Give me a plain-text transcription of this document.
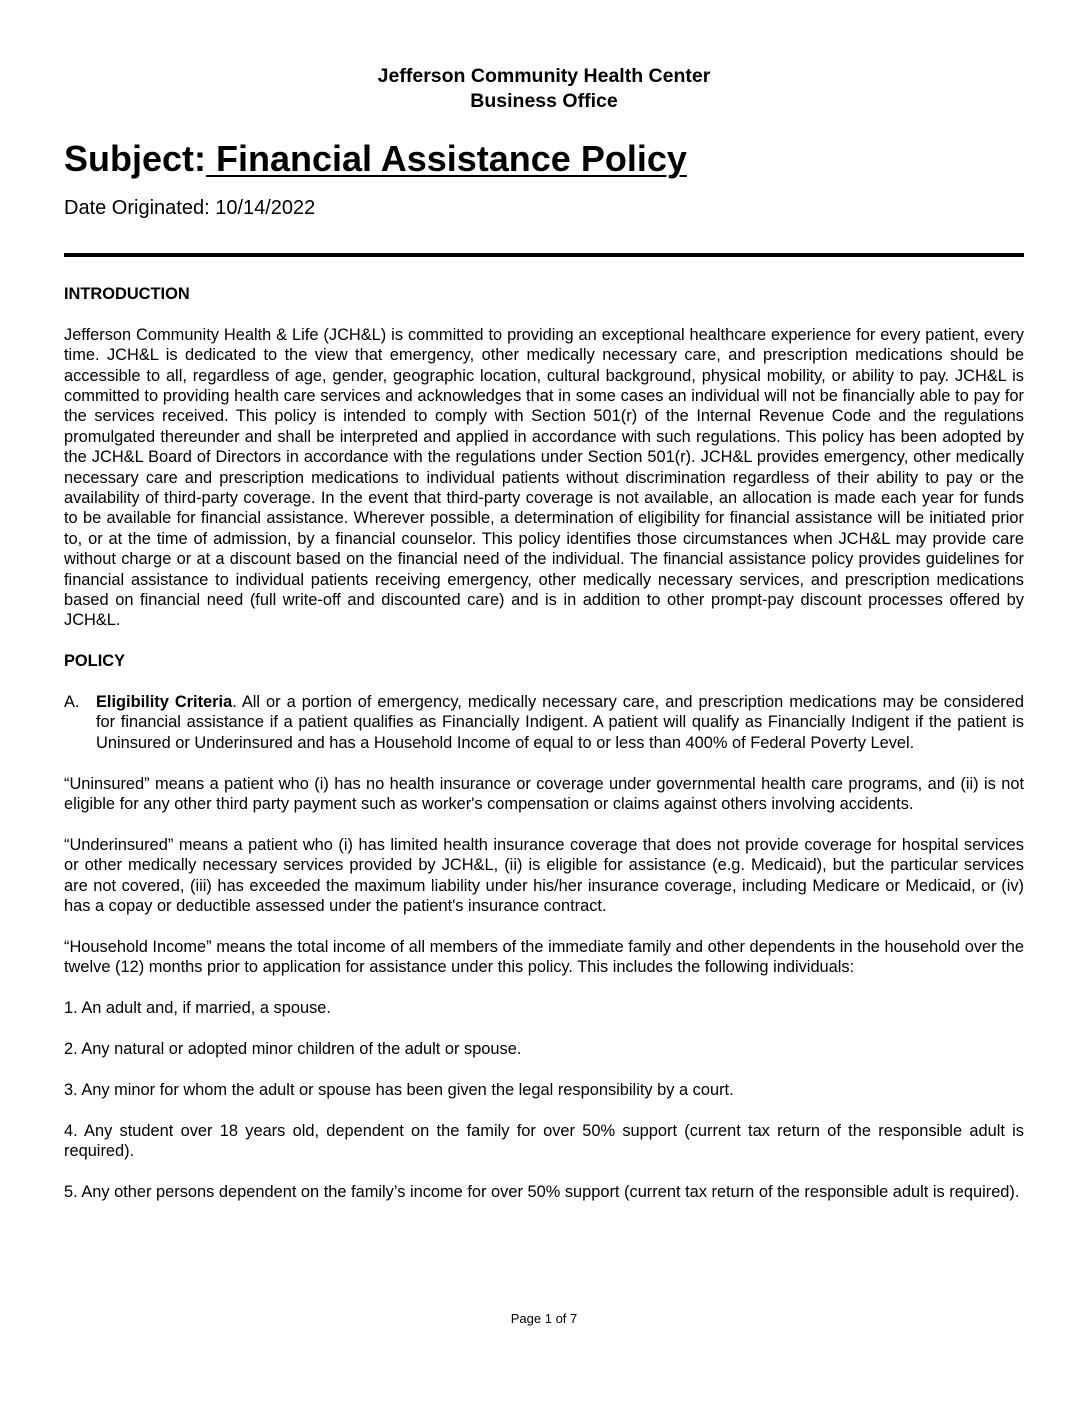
Jefferson Community Health Center
Business Office
Subject: Financial Assistance Policy
Date Originated: 10/14/2022
INTRODUCTION
Jefferson Community Health & Life (JCH&L) is committed to providing an exceptional healthcare experience for every patient, every time. JCH&L is dedicated to the view that emergency, other medically necessary care, and prescription medications should be accessible to all, regardless of age, gender, geographic location, cultural background, physical mobility, or ability to pay. JCH&L is committed to providing health care services and acknowledges that in some cases an individual will not be financially able to pay for the services received. This policy is intended to comply with Section 501(r) of the Internal Revenue Code and the regulations promulgated thereunder and shall be interpreted and applied in accordance with such regulations. This policy has been adopted by the JCH&L Board of Directors in accordance with the regulations under Section 501(r). JCH&L provides emergency, other medically necessary care and prescription medications to individual patients without discrimination regardless of their ability to pay or the availability of third-party coverage. In the event that third-party coverage is not available, an allocation is made each year for funds to be available for financial assistance. Wherever possible, a determination of eligibility for financial assistance will be initiated prior to, or at the time of admission, by a financial counselor. This policy identifies those circumstances when JCH&L may provide care without charge or at a discount based on the financial need of the individual. The financial assistance policy provides guidelines for financial assistance to individual patients receiving emergency, other medically necessary services, and prescription medications based on financial need (full write-off and discounted care) and is in addition to other prompt-pay discount processes offered by JCH&L.
POLICY
A.	Eligibility Criteria. All or a portion of emergency, medically necessary care, and prescription medications may be considered for financial assistance if a patient qualifies as Financially Indigent. A patient will qualify as Financially Indigent if the patient is Uninsured or Underinsured and has a Household Income of equal to or less than 400% of Federal Poverty Level.
“Uninsured” means a patient who (i) has no health insurance or coverage under governmental health care programs, and (ii) is not eligible for any other third party payment such as worker's compensation or claims against others involving accidents.
“Underinsured” means a patient who (i) has limited health insurance coverage that does not provide coverage for hospital services or other medically necessary services provided by JCH&L, (ii) is eligible for assistance (e.g. Medicaid), but the particular services are not covered, (iii) has exceeded the maximum liability under his/her insurance coverage, including Medicare or Medicaid, or (iv) has a copay or deductible assessed under the patient's insurance contract.
“Household Income” means the total income of all members of the immediate family and other dependents in the household over the twelve (12) months prior to application for assistance under this policy. This includes the following individuals:
1. An adult and, if married, a spouse.
2. Any natural or adopted minor children of the adult or spouse.
3. Any minor for whom the adult or spouse has been given the legal responsibility by a court.
4. Any student over 18 years old, dependent on the family for over 50% support (current tax return of the responsible adult is required).
5. Any other persons dependent on the family’s income for over 50% support (current tax return of the responsible adult is required).
Page 1 of 7
